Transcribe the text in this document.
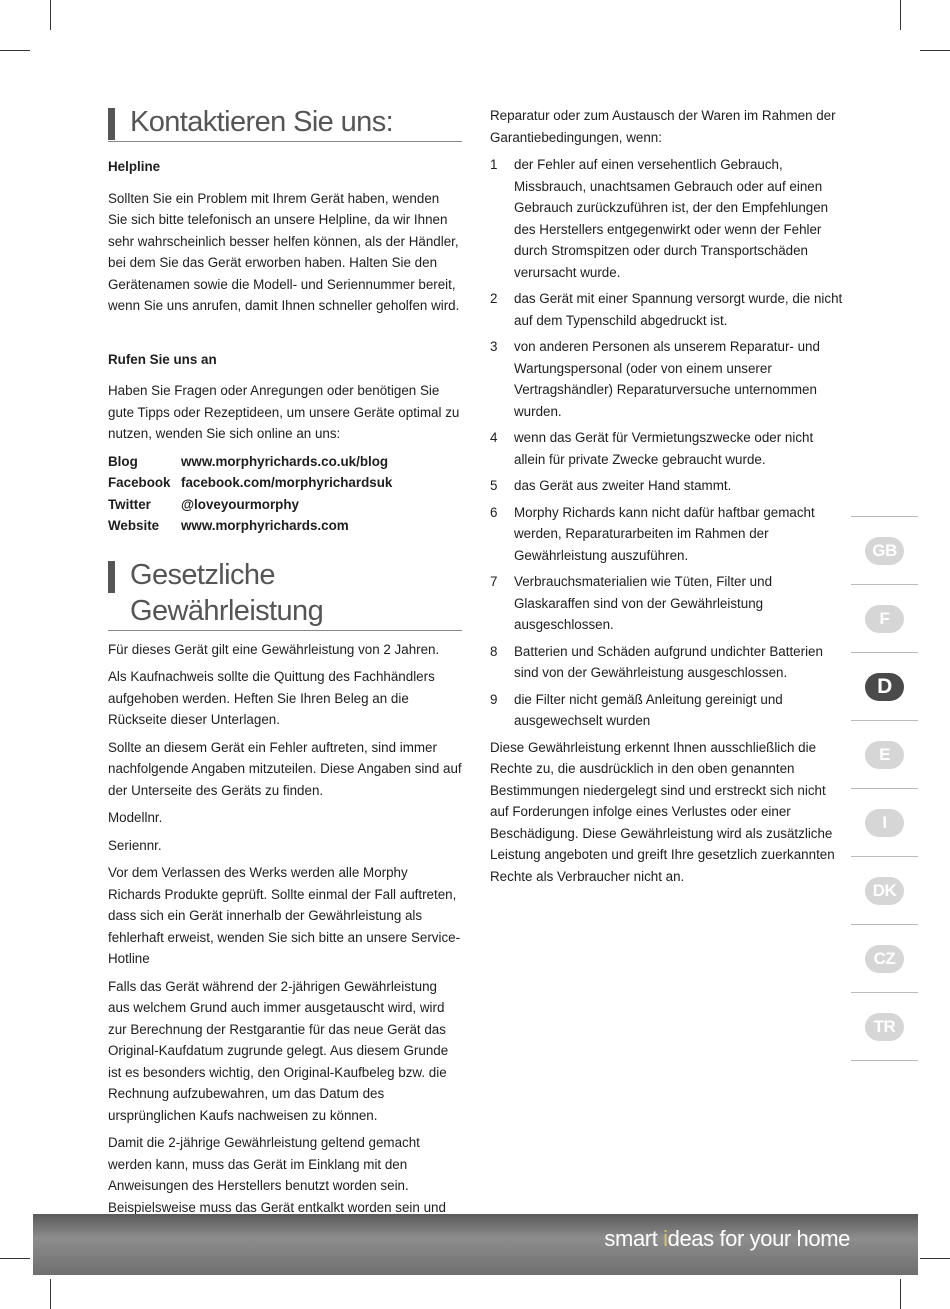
Kontaktieren Sie uns:
Helpline

Sollten Sie ein Problem mit Ihrem Gerät haben, wenden Sie sich bitte telefonisch an unsere Helpline, da wir Ihnen sehr wahrscheinlich besser helfen können, als der Händler, bei dem Sie das Gerät erworben haben. Halten Sie den Gerätenamen sowie die Modell- und Seriennummer bereit, wenn Sie uns anrufen, damit Ihnen schneller geholfen wird.

Rufen Sie uns an

Haben Sie Fragen oder Anregungen oder benötigen Sie gute Tipps oder Rezeptideen, um unsere Geräte optimal zu nutzen, wenden Sie sich online an uns:

Blog	www.morphyrichards.co.uk/blog
Facebook facebook.com/morphyrichardsuk
Twitter	@loveyourmorphy
Website	www.morphyrichards.com
Gesetzliche Gewährleistung

Für dieses Gerät gilt eine Gewährleistung von 2 Jahren.

Als Kaufnachweis sollte die Quittung des Fachhändlers aufgehoben werden. Heften Sie Ihren Beleg an die Rückseite dieser Unterlagen.

Sollte an diesem Gerät ein Fehler auftreten, sind immer nachfolgende Angaben mitzuteilen. Diese Angaben sind auf der Unterseite des Geräts zu finden.

Modellnr.

Seriennr.

Vor dem Verlassen des Werks werden alle Morphy Richards Produkte geprüft. Sollte einmal der Fall auftreten, dass sich ein Gerät innerhalb der Gewährleistung als fehlerhaft erweist, wenden Sie sich bitte an unsere Service-Hotline

Falls das Gerät während der 2-jährigen Gewährleistung aus welchem Grund auch immer ausgetauscht wird, wird zur Berechnung der Restgarantie für das neue Gerät das Original-Kaufdatum zugrunde gelegt. Aus diesem Grunde ist es besonders wichtig, den Original-Kaufbeleg bzw. die Rechnung aufzubewahren, um das Datum des ursprünglichen Kaufs nachweisen zu können.

Damit die 2-jährige Gewährleistung geltend gemacht werden kann, muss das Gerät im Einklang mit den Anweisungen des Herstellers benutzt worden sein. Beispielsweise muss das Gerät entkalkt worden sein und

Reparatur oder zum Austausch der Waren im Rahmen der Garantiebedingungen, wenn:

1	der Fehler auf einen versehentlich Gebrauch, Missbrauch, unachtsamen Gebrauch oder auf einen Gebrauch zurückzuführen ist, der den Empfehlungen des Herstellers entgegenwirkt oder wenn der Fehler durch Stromspitzen oder durch Transportschäden verursacht wurde.
2	das Gerät mit einer Spannung versorgt wurde, die nicht auf dem Typenschild abgedruckt ist.
3	von anderen Personen als unserem Reparatur- und Wartungspersonal (oder von einem unserer Vertragshändler) Reparaturversuche unternommen wurden.
4	wenn das Gerät für Vermietungszwecke oder nicht allein für private Zwecke gebraucht wurde.
5	das Gerät aus zweiter Hand stammt.
6	Morphy Richards kann nicht dafür haftbar gemacht werden, Reparaturarbeiten im Rahmen der Gewährleistung auszuführen.
7	Verbrauchsmaterialien wie Tüten, Filter und Glaskaraffen sind von der Gewährleistung ausgeschlossen.
8	Batterien und Schäden aufgrund undichter Batterien sind von der Gewährleistung ausgeschlossen.
9	die Filter nicht gemäß Anleitung gereinigt und ausgewechselt wurden

Diese Gewährleistung erkennt Ihnen ausschließlich die Rechte zu, die ausdrücklich in den oben genannten Bestimmungen niedergelegt sind und erstreckt sich nicht auf Forderungen infolge eines Verlustes oder einer Beschädigung. Diese Gewährleistung wird als zusätzliche Leistung angeboten und greift Ihre gesetzlich zuerkannten Rechte als Verbraucher nicht an.

GB
F
D
E
I
DK
CZ
TR
smart ideas for your home
